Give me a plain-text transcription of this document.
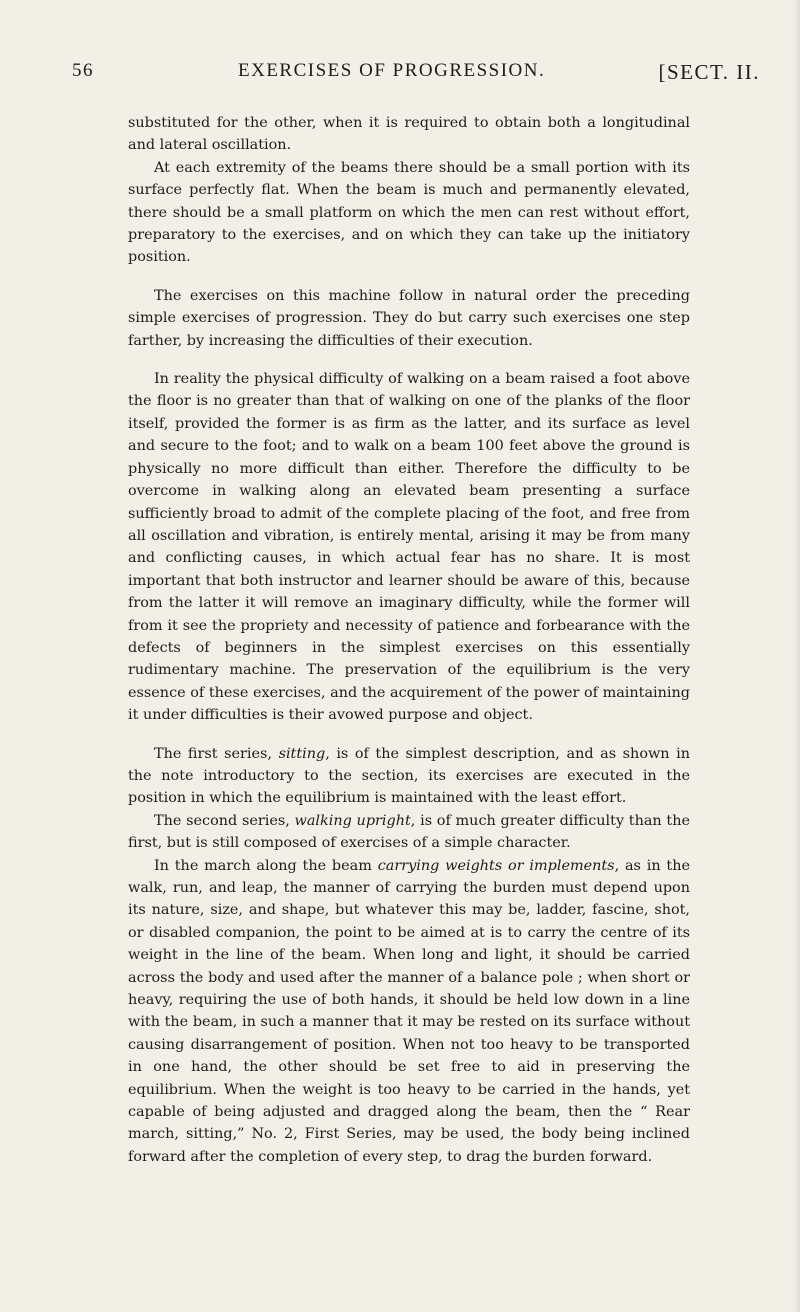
56	EXERCISES OF PROGRESSION.	[SECT. II.

substituted for the other, when it is required to obtain both a longitudinal and lateral oscillation.

At each extremity of the beams there should be a small portion with its surface perfectly flat. When the beam is much and permanently elevated, there should be a small platform on which the men can rest without effort, preparatory to the exercises, and on which they can take up the initiatory position.

The exercises on this machine follow in natural order the preceding simple exercises of progression. They do but carry such exercises one step farther, by increasing the difficulties of their execution.

In reality the physical difficulty of walking on a beam raised a foot above the floor is no greater than that of walking on one of the planks of the floor itself, provided the former is as firm as the latter, and its surface as level and secure to the foot; and to walk on a beam 100 feet above the ground is physically no more difficult than either. Therefore the difficulty to be overcome in walking along an elevated beam presenting a surface sufficiently broad to admit of the complete placing of the foot, and free from all oscillation and vibration, is entirely mental, arising it may be from many and conflicting causes, in which actual fear has no share. It is most important that both instructor and learner should be aware of this, because from the latter it will remove an imaginary difficulty, while the former will from it see the propriety and necessity of patience and forbearance with the defects of beginners in the simplest exercises on this essentially rudimentary machine. The preservation of the equilibrium is the very essence of these exercises, and the acquirement of the power of maintaining it under difficulties is their avowed purpose and object.

The first series, sitting, is of the simplest description, and as shown in the note introductory to the section, its exercises are executed in the position in which the equilibrium is maintained with the least effort.

The second series, walking upright, is of much greater difficulty than the first, but is still composed of exercises of a simple character.

In the march along the beam carrying weights or implements, as in the walk, run, and leap, the manner of carrying the burden must depend upon its nature, size, and shape, but whatever this may be, ladder, fascine, shot, or disabled companion, the point to be aimed at is to carry the centre of its weight in the line of the beam. When long and light, it should be carried across the body and used after the manner of a balance pole ; when short or heavy, requiring the use of both hands, it should be held low down in a line with the beam, in such a manner that it may be rested on its surface without causing disarrangement of position. When not too heavy to be transported in one hand, the other should be set free to aid in preserving the equilibrium. When the weight is too heavy to be carried in the hands, yet capable of being adjusted and dragged along the beam, then the “ Rear march, sitting,” No. 2, First Series, may be used, the body being inclined forward after the completion of every step, to drag the burden forward.
